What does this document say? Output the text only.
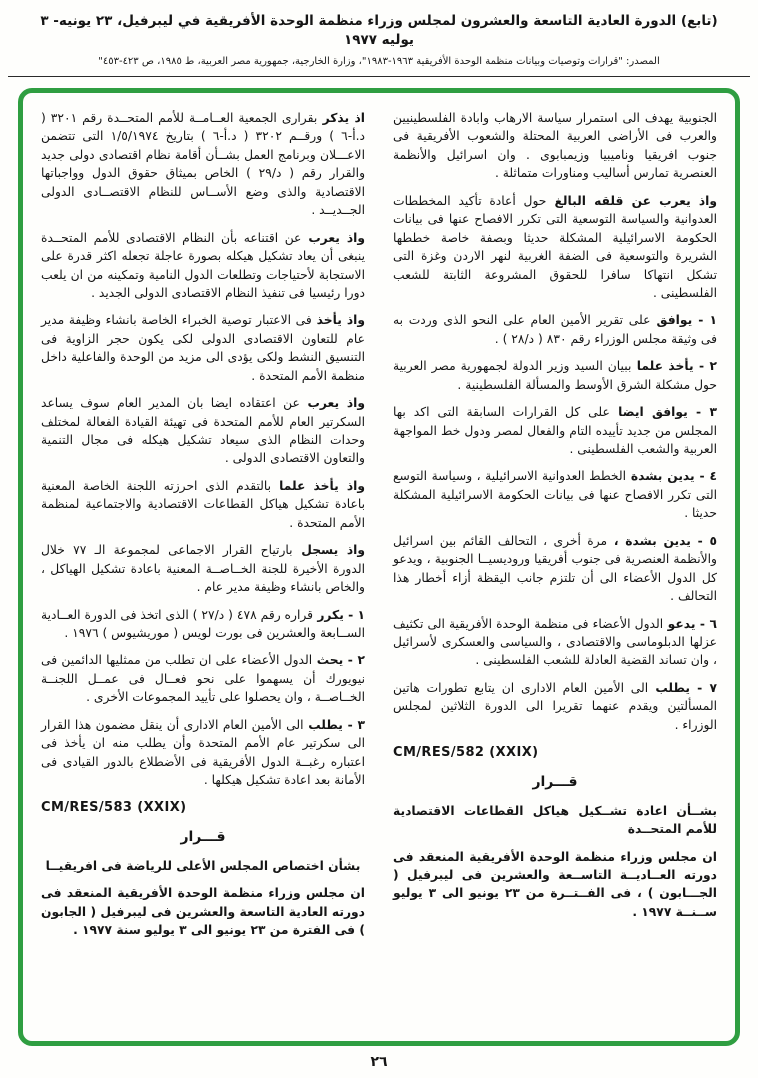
(تابع) الدورة العادية التاسعة والعشرون لمجلس وزراء منظمة الوحدة الأفريقية في ليبرفيل، ٢٣ يونيه- ٣ يوليه ١٩٧٧
المصدر: "قرارات وتوصيات وبيانات منظمة الوحدة الأفريقية ١٩٦٣-١٩٨٣"، وزارة الخارجية، جمهورية مصر العربية، ط ١٩٨٥، ص ٤٢٣-٤٥٣"

الجنوبية يهدف الى استمرار سياسة الارهاب وابادة الفلسطينيين والعرب فى الأراضى العربية المحتلة والشعوب الأفريقية فى جنوب افريقيا وناميبيا وزيمبابوى . وان اسرائيل والأنظمة العنصرية تمارس أساليب ومناورات متماثلة .

واذ يعرب عن قلقه البالغ حول أعادة تأكيد المخططات العدوانية والسياسة التوسعية التى تكرر الافصاح عنها فى بيانات الحكومة الاسرائيلية المشكلة حديثا وبصفة خاصة خططها الشريرة والتوسعية فى الضفة الغربية لنهر الاردن وغزة التى تشكل انتهاكا سافرا للحقوق المشروعة الثابتة للشعب الفلسطينى .

١ - يوافق على تقرير الأمين العام على النحو الذى وردت به فى وثيقة مجلس الوزراء رقم ٨٣٠ ( د/٢٨ ) .

٢ - يأخذ علما ببيان السيد وزير الدولة لجمهورية مصر العربية حول مشكلة الشرق الأوسط والمسألة الفلسطينية .

٣ - يوافق ايضا على كل القرارات السابقة التى اكد بها المجلس من جديد تأييده التام والفعال لمصر ودول خط المواجهة العربية والشعب الفلسطينى .

٤ - يدين بشدة الخطط العدوانية الاسرائيلية ، وسياسة التوسع التى تكرر الافصاح عنها فى بيانات الحكومة الاسرائيلية المشكلة حديثا .

٥ - يدين بشدة ، مرة أخرى ، التحالف القائم بين اسرائيل والأنظمة العنصرية فى جنوب أفريقيا وروديسيــا الجنوبية ، ويدعو كل الدول الأعضاء الى أن تلتزم جانب اليقظة أزاء أخطار هذا التحالف .

٦ - يدعو الدول الأعضاء فى منظمة الوحدة الأفريقية الى تكثيف عزلها الدبلوماسى والاقتصادى ، والسياسى والعسكرى لأسرائيل ، وان تساند القضية العادلة للشعب الفلسطينى .

٧ - يطلب الى الأمين العام الادارى ان يتابع تطورات هاتين المسألتين ويقدم عنهما تقريرا الى الدورة الثلاثين لمجلس الوزراء .

CM/RES/582 (XXIX)

قـــرار

بشــأن اعادة تشــكيل هياكل القطاعات الاقتصادية للأمم المتحــدة

ان مجلس وزراء منظمة الوحدة الأفريقية المنعقد فى دورته العــاديــة التاســعة والعشرين فى ليبرفيل ( الجـــابون ) ، فى الفــتــرة من ٢٣ يونيو الى ٣ يوليو ســنــة ١٩٧٧ .

اذ يذكر بقرارى الجمعية العــامــة للأمم المتحــدة رقم ٣٢٠١ ( د.أ-٦ ) ورقــم ٣٢٠٢ ( د.أ-٦ ) بتاريخ ١/٥/١٩٧٤ التى تتضمن الاعـــلان وبرنامج العمل بشــأن أقامة نظام اقتصادى دولى جديد والقرار رقم ( د/٢٩ ) الخاص بميثاق حقوق الدول وواجباتها الاقتصادية والذى وضع الأســاس للنظام الاقتصــادى الدولى الجــديــد .

واذ يعرب عن اقتناعه بأن النظام الاقتصادى للأمم المتحــدة ينبغى أن يعاد تشكيل هيكله بصورة عاجلة تجعله اكثر قدرة على الاستجابة لأحتياجات وتطلعات الدول النامية وتمكينه من ان يلعب دورا رئيسيا فى تنفيذ النظام الاقتصادى الدولى الجديد .

واذ يأخذ فى الاعتبار توصية الخبراء الخاصة بانشاء وظيفة مدير عام للتعاون الاقتصادى الدولى لكى يكون حجر الزاوية فى التنسيق النشط ولكى يؤدى الى مزيد من الوحدة والفاعلية داخل منظمة الأمم المتحدة .

واذ يعرب عن اعتقاده ايضا بان المدير العام سوف يساعد السكرتير العام للأمم المتحدة فى تهيئة القيادة الفعالة لمختلف وحدات النظام الذى سيعاد تشكيل هيكله فى مجال التنمية والتعاون الاقتصادى الدولى .

واذ يأخذ علما بالتقدم الذى احرزته اللجنة الخاصة المعنية باعادة تشكيل هياكل القطاعات الاقتصادية والاجتماعية لمنظمة الأمم المتحدة .

واذ يسجل بارتياح القرار الاجماعى لمجموعة الـ ٧٧ خلال الدورة الأخيرة للجنة الخــاصــة المعنية باعادة تشكيل الهياكل ، والخاص بانشاء وظيفة مدير عام .

١ - يكرر قراره رقم ٤٧٨ ( د/٢٧ ) الذى اتخذ فى الدورة العــادية الســابعة والعشرين فى بورت لويس ( موريشيوس ) ١٩٧٦ .

٢ - يحث الدول الأعضاء على ان تطلب من ممثليها الدائمين فى نيويورك أن يسهموا على نحو فعــال فى عمــل اللجنــة الخــاصــة ، وان يحصلوا على تأييد المجموعات الأخرى .

٣ - يطلب الى الأمين العام الادارى أن ينقل مضمون هذا القرار الى سكرتير عام الأمم المتحدة وأن يطلب منه ان يأخذ فى اعتباره رغبــة الدول الأفريقية فى الأضطلاع بالدور القيادى فى الأمانة بعد اعادة تشكيل هيكلها .

CM/RES/583 (XXIX)

قـــرار

بشأن اختصاص المجلس الأعلى للرياضة فى افريقيــا

ان مجلس وزراء منظمة الوحدة الأفريقية المنعقد فى دورته العادية التاسعة والعشرين فى ليبرفيل ( الجابون ) فى الفترة من ٢٣ يونيو الى ٣ يوليو سنة ١٩٧٧ .

٢٦
